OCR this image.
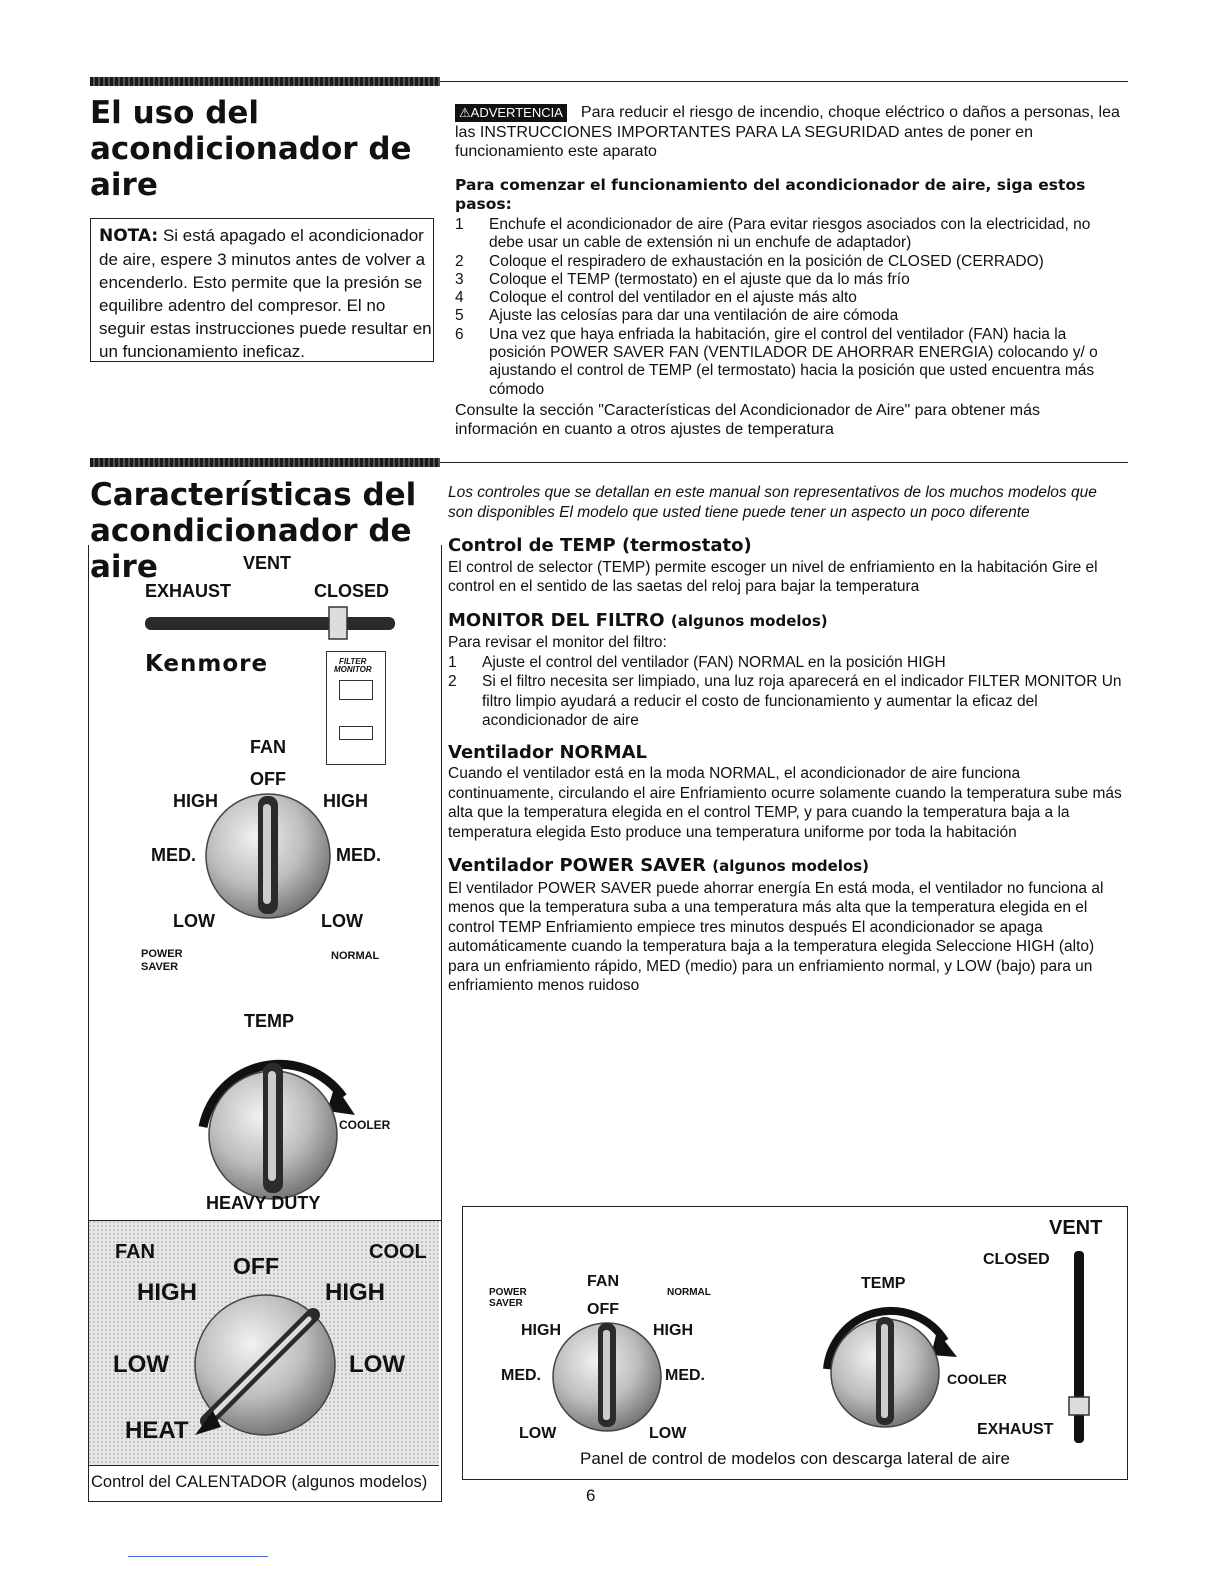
El uso del
acondicionador de aire
NOTA: Si está apagado el acondicionador de aire, espere 3 minutos antes de volver a encenderlo. Esto permite que la presión se equilibre adentro del compresor. El no seguir estas instrucciones puede resultar en un funcionamiento ineficaz.
⚠ADVERTENCIA Para reducir el riesgo de incendio, choque eléctrico o daños a personas, lea las INSTRUCCIONES IMPORTANTES PARA LA SEGURIDAD antes de poner en funcionamiento este aparato
Para comenzar el funcionamiento del acondicionador de aire, siga estos pasos:
1 Enchufe el acondicionador de aire (Para evitar riesgos asociados con la electricidad, no debe usar un cable de extensión ni un enchufe de adaptador)
2 Coloque el respiradero de exhaustación en la posición de CLOSED (CERRADO)
3 Coloque el TEMP (termostato) en el ajuste que da lo más frío
4 Coloque el control del ventilador en el ajuste más alto
5 Ajuste las celosías para dar una ventilación de aire cómoda
6 Una vez que haya enfriada la habitación, gire el control del ventilador (FAN) hacia la posición POWER SAVER FAN (VENTILADOR DE AHORRAR ENERGIA) colocando y/ o ajustando el control de TEMP (el termostato) hacia la posición que usted encuentra más cómodo
Consulte la sección "Características del Acondicionador de Aire" para obtener más información en cuanto a otros ajustes de temperatura
Características del
acondicionador de aire	VENT
EXHAUST	CLOSED
Kenmore	FILTER
MONITOR
FAN
OFF
HIGH	HIGH
MED.	MED.
LOW	LOW
POWER
SAVER
NORMAL
TEMP
COOLER
HEAVY DUTY
FAN
OFF
COOL
HIGH	HIGH
LOW	LOW
HEAT
Control del CALENTADOR (algunos modelos)
Los controles que se detallan en este manual son representativos de los muchos modelos que son disponibles El modelo que usted tiene puede tener un aspecto un poco diferente
Control de TEMP (termostato)
El control de selector (TEMP) permite escoger un nivel de enfriamiento en la habitación Gire el control en el sentido de las saetas del reloj para bajar la temperatura
MONITOR DEL FILTRO (algunos modelos)
Para revisar el monitor del filtro:
1 Ajuste el control del ventilador (FAN) NORMAL en la posición HIGH
2 Si el filtro necesita ser limpiado, una luz roja aparecerá en el indicador FILTER MONITOR Un filtro limpio ayudará a reducir el costo de funcionamiento y aumentar la eficaz del acondicionador de aire
Ventilador NORMAL
Cuando el ventilador está en la moda NORMAL, el acondicionador de aire funciona continuamente, circulando el aire Enfriamiento ocurre solamente cuando la temperatura sube más alta que la temperatura elegida en el control TEMP, y para cuando la temperatura baja a la temperatura elegida Esto produce una temperatura uniforme por toda la habitación
Ventilador POWER SAVER (algunos modelos)
El ventilador POWER SAVER puede ahorrar energía En está moda, el ventilador no funciona al menos que la temperatura suba a una temperatura más alta que la temperatura elegida en el control TEMP Enfriamiento empiece tres minutos después El acondicionador se apaga automáticamente cuando la temperatura baja a la temperatura elegida Seleccione HIGH (alto) para un enfriamiento rápido, MED (medio) para un enfriamiento normal, y LOW (bajo) para un enfriamiento menos ruidoso
VENT
CLOSED
EXHAUST
POWER
SAVER
FAN
NORMAL
OFF
HIGH	HIGH
MED.	MED.
LOW	LOW
TEMP
COOLER
Panel de control de modelos con descarga lateral de aire
6
